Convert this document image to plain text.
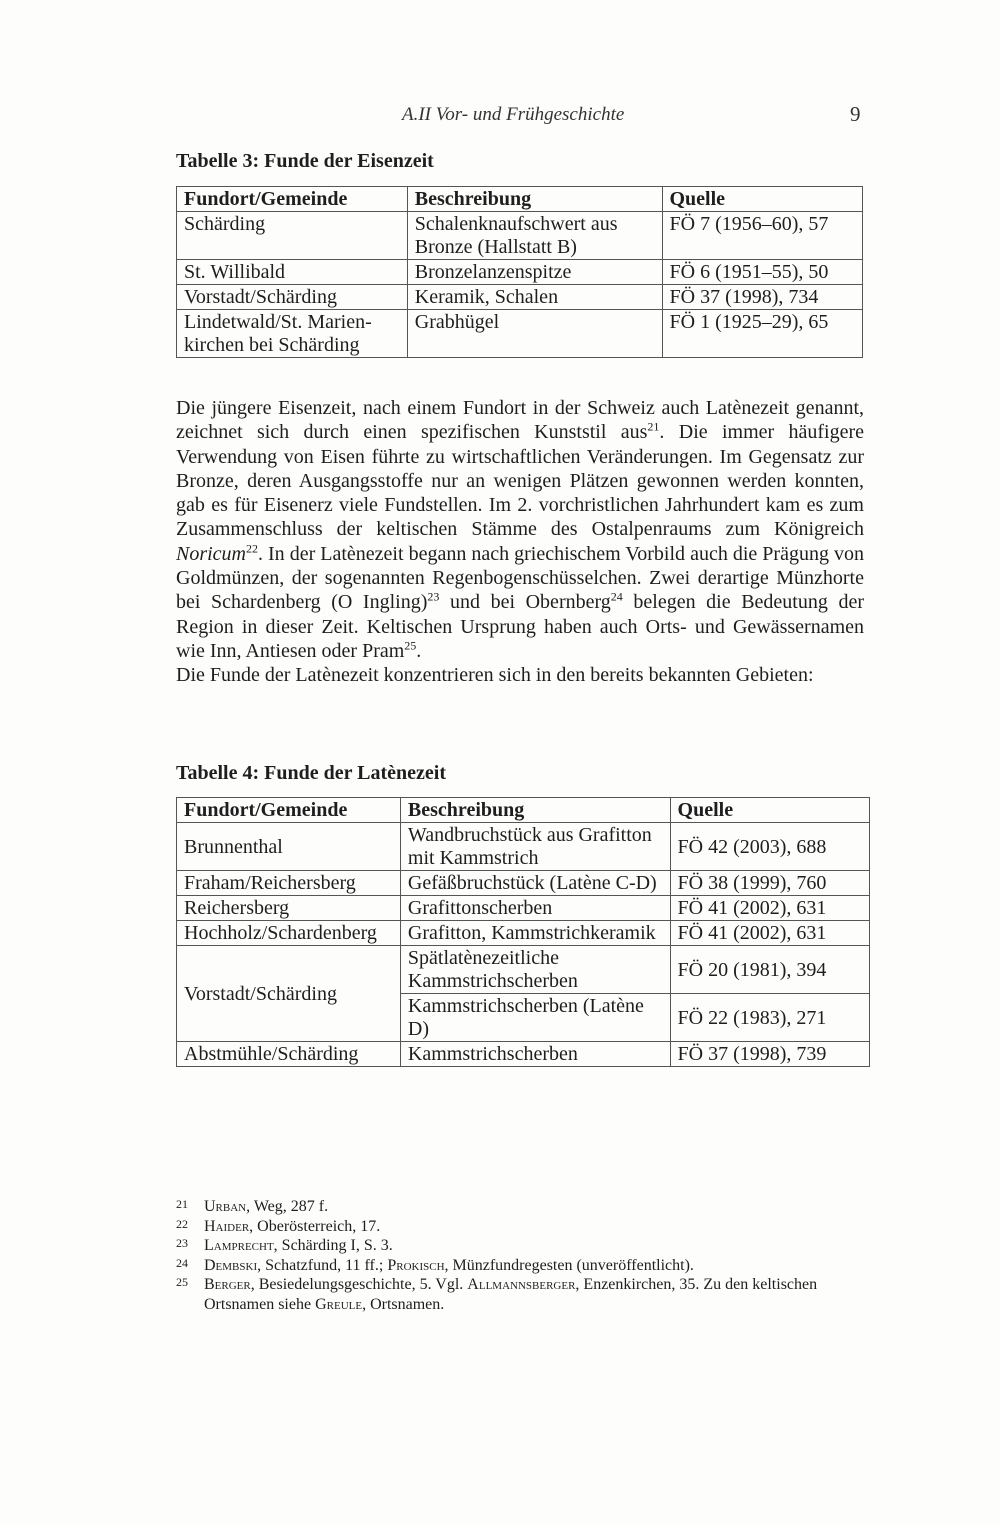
A.II Vor- und Frühgeschichte	9
Tabelle 3: Funde der Eisenzeit
Fundort/Gemeinde	Beschreibung	Quelle
Schärding	Schalenknaufschwert aus Bronze (Hallstatt B)	FÖ 7 (1956–60), 57
St. Willibald	Bronzelanzenspitze	FÖ 6 (1951–55), 50
Vorstadt/Schärding	Keramik, Schalen	FÖ 37 (1998), 734
Lindetwald/St. Marien-kirchen bei Schärding	Grabhügel	FÖ 1 (1925–29), 65

Die jüngere Eisenzeit, nach einem Fundort in der Schweiz auch Latènezeit genannt, zeichnet sich durch einen spezifischen Kunststil aus$^{21}$. Die immer häufigere Verwendung von Eisen führte zu wirtschaftlichen Veränderungen. Im Gegensatz zur Bronze, deren Ausgangsstoffe nur an wenigen Plätzen gewonnen werden konnten, gab es für Eisenerz viele Fundstellen. Im 2. vorchristlichen Jahrhundert kam es zum Zusammenschluss der keltischen Stämme des Ostalpenraums zum Königreich Noricum$^{22}$. In der Latènezeit begann nach griechischem Vorbild auch die Prägung von Goldmünzen, der sogenannten Regenbogenschüsselchen. Zwei derartige Münzhorte bei Schardenberg (O Ingling)$^{23}$ und bei Obernberg$^{24}$ belegen die Bedeutung der Region in dieser Zeit. Keltischen Ursprung haben auch Orts- und Gewässernamen wie Inn, Antiesen oder Pram$^{25}$.

Die Funde der Latènezeit konzentrieren sich in den bereits bekannten Gebieten:

Tabelle 4: Funde der Latènezeit
Fundort/Gemeinde	Beschreibung	Quelle
Brunnenthal	Wandbruchstück aus Grafitton mit Kammstrich	FÖ 42 (2003), 688
Fraham/Reichersberg	Gefäßbruchstück (Latène C-D)	FÖ 38 (1999), 760
Reichersberg	Grafittonscherben	FÖ 41 (2002), 631
Hochholz/Schardenberg	Grafitton, Kammstrichkeramik	FÖ 41 (2002), 631
Vorstadt/Schärding	Spätlatènezeitliche Kammstrichscherben	FÖ 20 (1981), 394
	Kammstrichscherben (Latène D)	FÖ 22 (1983), 271
Abstmühle/Schärding	Kammstrichscherben	FÖ 37 (1998), 739

21 Urban, Weg, 287 f.

22 Haider, Oberösterreich, 17.

23 Lamprecht, Schärding I, S. 3.

24 Dembski, Schatzfund, 11 ff.; Prokisch, Münzfundregesten (unveröffentlicht).

25 Berger, Besiedelungsgeschichte, 5. Vgl. Allmannsberger, Enzenkirchen, 35. Zu den keltischen Ortsnamen siehe Greule, Ortsnamen.
